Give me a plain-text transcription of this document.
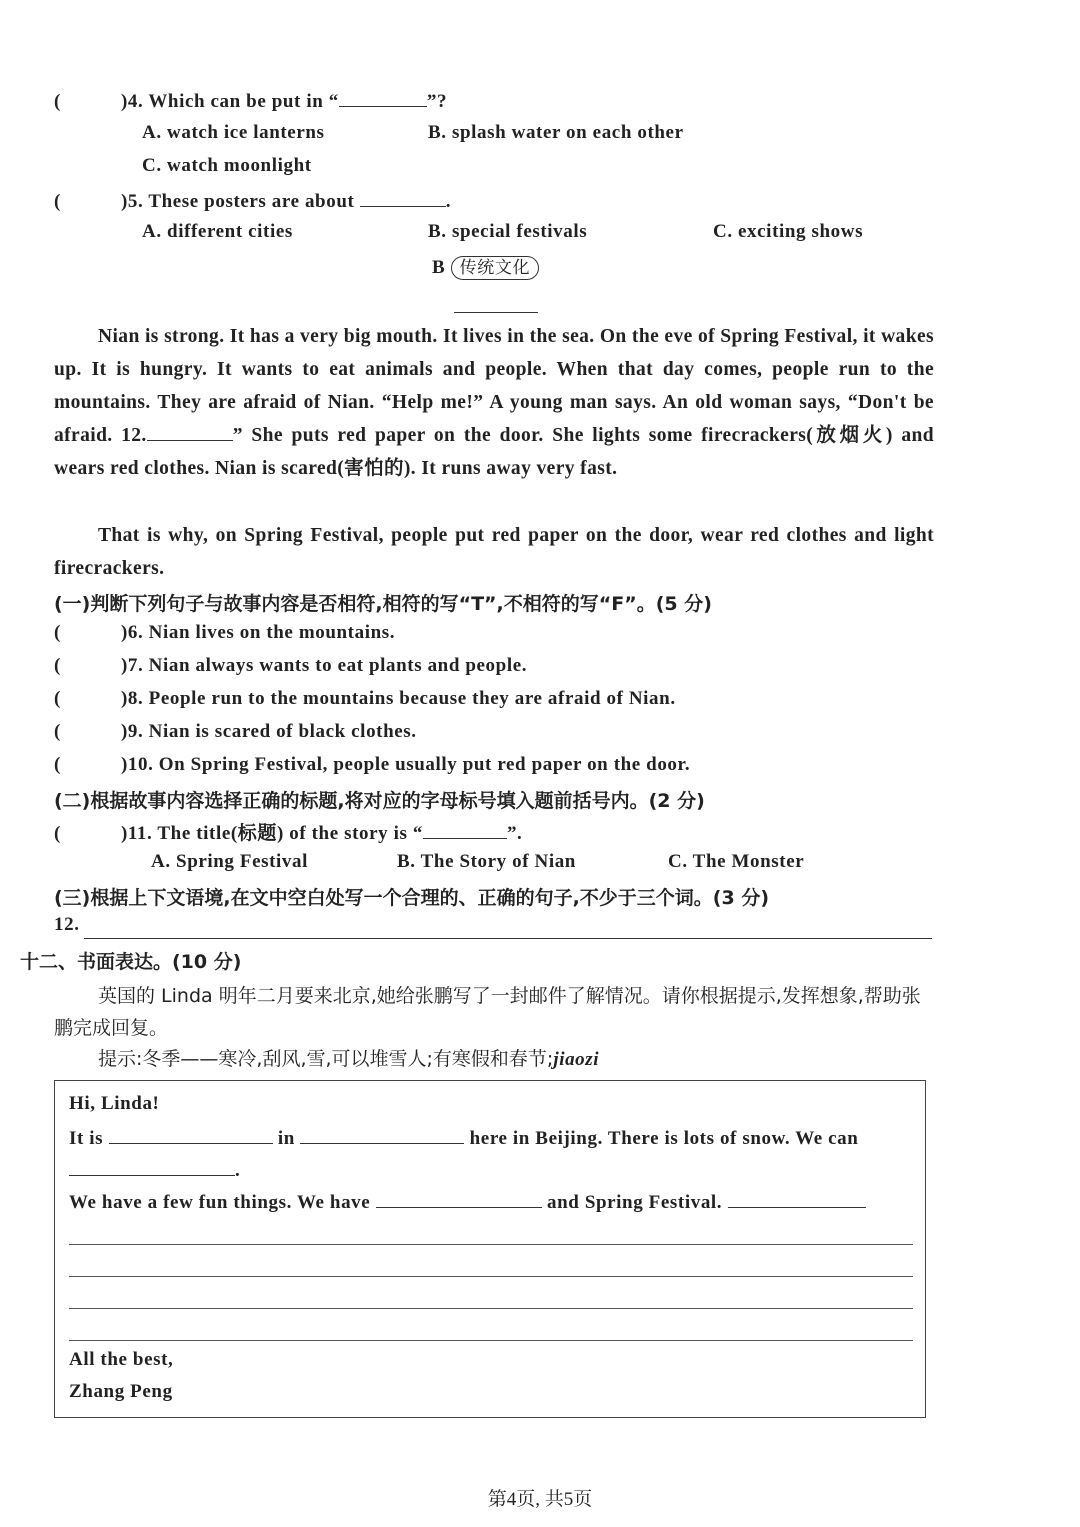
(	)4. Which can be put in “	”?
A. watch ice lanterns	B. splash water on each other
C. watch moonlight
(	)5. These posters are about	.
A. different cities	B. special festivals	C. exciting shows
B 传统文化
Nian is strong. It has a very big mouth. It lives in the sea. On the eve of Spring Festival, it wakes up. It is hungry. It wants to eat animals and people. When that day comes, people run to the mountains. They are afraid of Nian. “Help me!” A young man says. An old woman says, “Don't be afraid. 12.	” She puts red paper on the door. She lights some firecrackers(放烟火) and wears red clothes. Nian is scared(害怕的). It runs away very fast.
That is why, on Spring Festival, people put red paper on the door, wear red clothes and light firecrackers.
(一)判断下列句子与故事内容是否相符,相符的写“T”,不相符的写“F”。(5 分)
(	)6. Nian lives on the mountains.
(	)7. Nian always wants to eat plants and people.
(	)8. People run to the mountains because they are afraid of Nian.
(	)9. Nian is scared of black clothes.
(	)10. On Spring Festival, people usually put red paper on the door.
(二)根据故事内容选择正确的标题,将对应的字母标号填入题前括号内。(2 分)
(	)11. The title(标题) of the story is “	”.
A. Spring Festival	B. The Story of Nian	C. The Monster
(三)根据上下文语境,在文中空白处写一个合理的、正确的句子,不少于三个词。(3 分)
12.
十二、书面表达。(10 分)
英国的 Linda 明年二月要来北京,她给张鹏写了一封邮件了解情况。请你根据提示,发挥想象,帮助张鹏完成回复。
提示:冬季——寒冷,刮风,雪,可以堆雪人;有寒假和春节;jiaozi
Hi, Linda!
It is	in	here in Beijing. There is lots of snow. We can
.
We have a few fun things. We have	and Spring Festival.
All the best,
Zhang Peng
第4页, 共5页
